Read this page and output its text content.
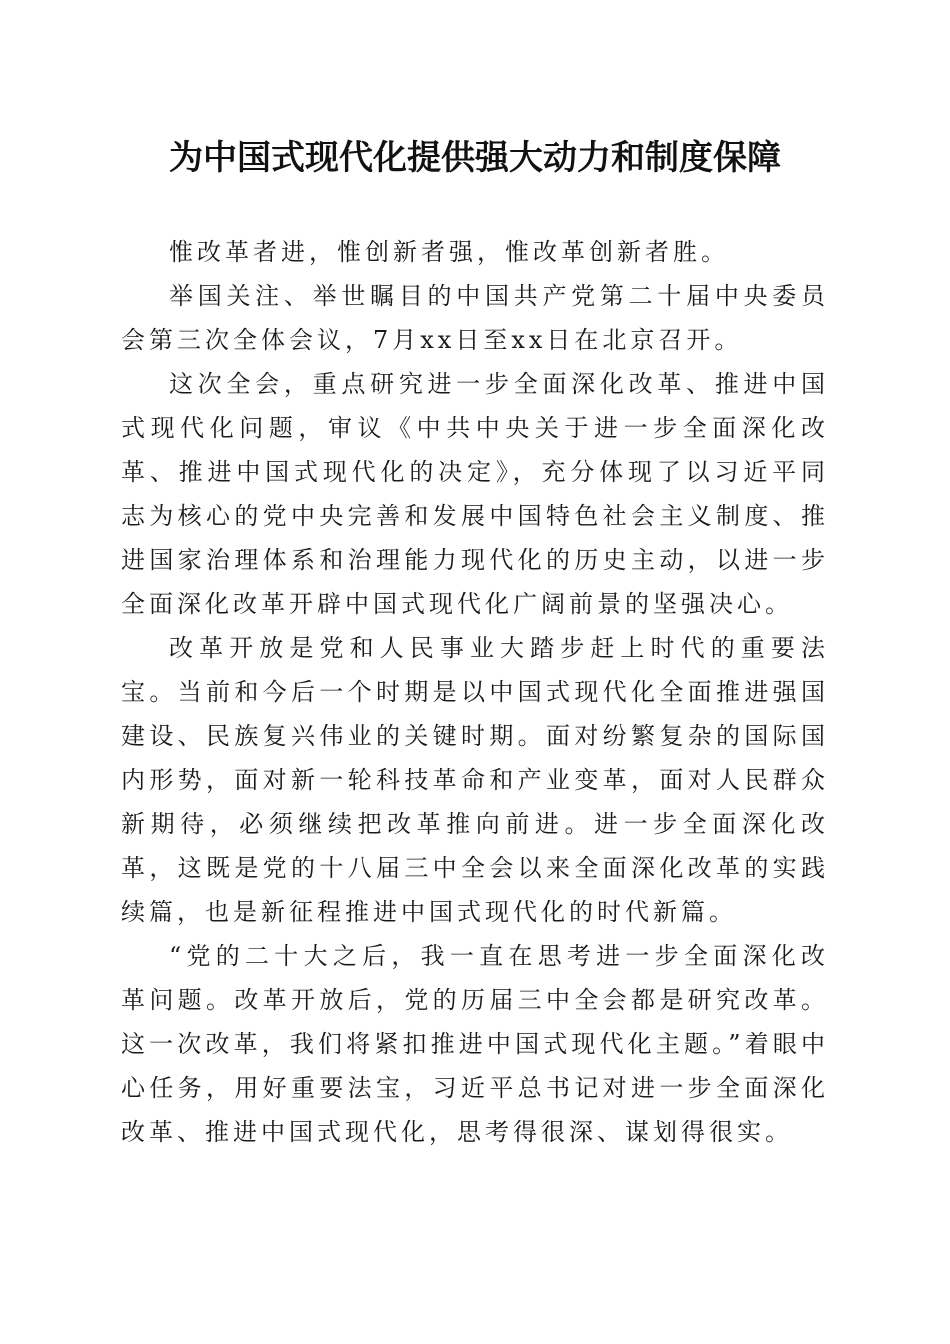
为中国式现代化提供强大动力和制度保障

惟改革者进，惟创新者强，惟改革创新者胜。

举国关注、举世瞩目的中国共产党第二十届中央委员会第三次全体会议，7月xx日至xx日在北京召开。

这次全会，重点研究进一步全面深化改革、推进中国式现代化问题，审议《中共中央关于进一步全面深化改革、推进中国式现代化的决定》，充分体现了以习近平同志为核心的党中央完善和发展中国特色社会主义制度、推进国家治理体系和治理能力现代化的历史主动，以进一步全面深化改革开辟中国式现代化广阔前景的坚强决心。

改革开放是党和人民事业大踏步赶上时代的重要法宝。当前和今后一个时期是以中国式现代化全面推进强国建设、民族复兴伟业的关键时期。面对纷繁复杂的国际国内形势，面对新一轮科技革命和产业变革，面对人民群众新期待，必须继续把改革推向前进。进一步全面深化改革，这既是党的十八届三中全会以来全面深化改革的实践续篇，也是新征程推进中国式现代化的时代新篇。

“党的二十大之后，我一直在思考进一步全面深化改革问题。改革开放后，党的历届三中全会都是研究改革。这一次改革，我们将紧扣推进中国式现代化主题。”着眼中心任务，用好重要法宝，习近平总书记对进一步全面深化改革、推进中国式现代化，思考得很深、谋划得很实。
